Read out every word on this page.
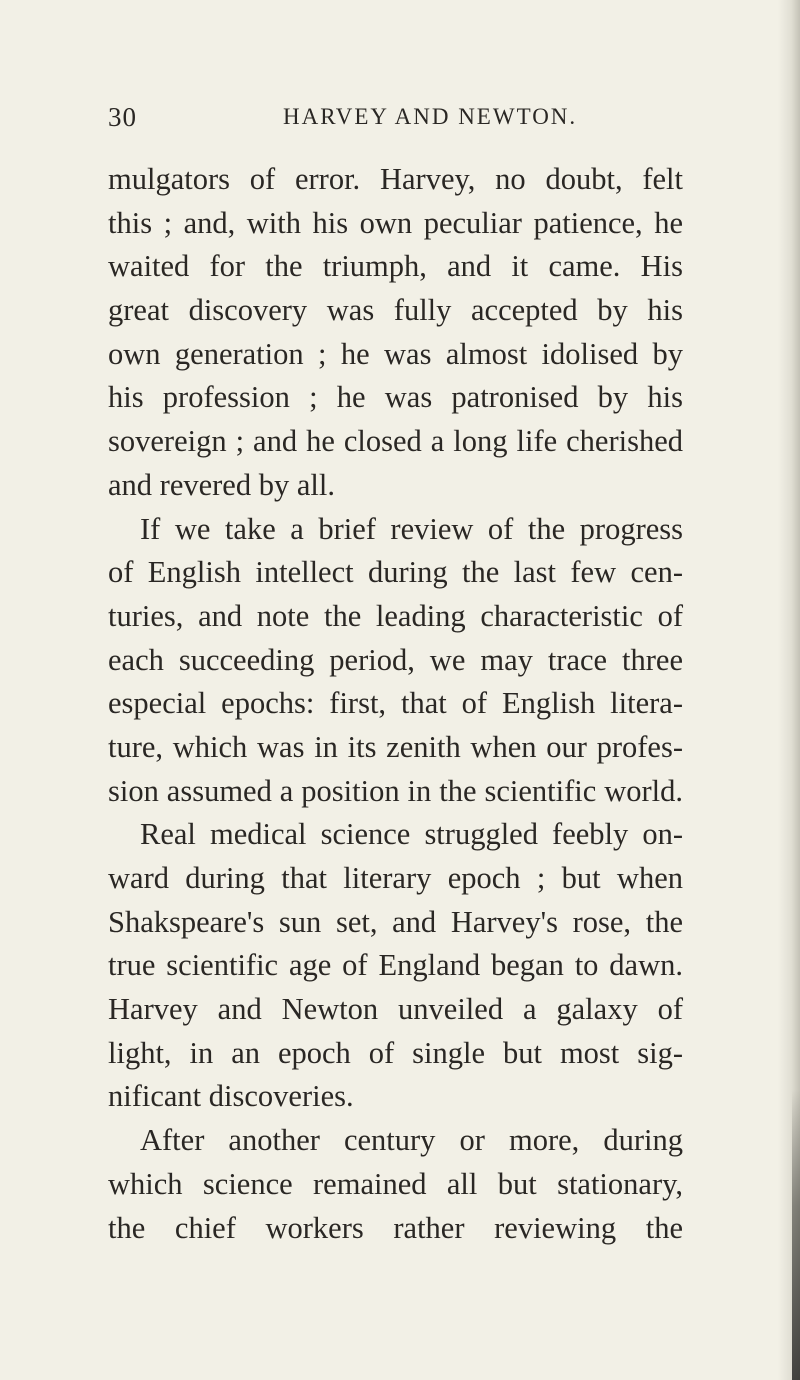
30	HARVEY AND NEWTON.
mulgators of error. Harvey, no doubt, felt
this ; and, with his own peculiar patience, he
waited for the triumph, and it came. His
great discovery was fully accepted by his
own generation ; he was almost idolised by
his profession ; he was patronised by his
sovereign ; and he closed a long life cherished
and revered by all.
If we take a brief review of the progress
of English intellect during the last few cen-
turies, and note the leading characteristic of
each succeeding period, we may trace three
especial epochs: first, that of English litera-
ture, which was in its zenith when our profes-
sion assumed a position in the scientific world.
Real medical science struggled feebly on-
ward during that literary epoch ; but when
Shakspeare's sun set, and Harvey's rose, the
true scientific age of England began to dawn.
Harvey and Newton unveiled a galaxy of
light, in an epoch of single but most sig-
nificant discoveries.
After another century or more, during
which science remained all but stationary,
the chief workers rather reviewing the
